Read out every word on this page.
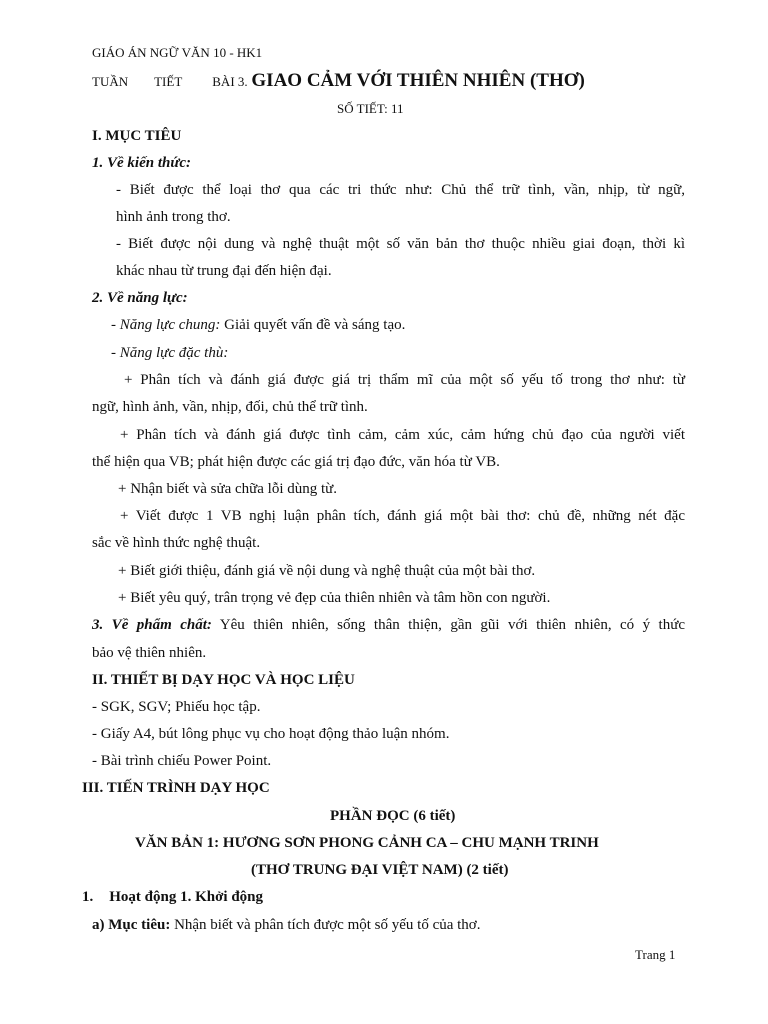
GIÁO ÁN NGỮ VĂN 10 - HK1
TUẦN TIẾT BÀI 3. GIAO CẢM VỚI THIÊN NHIÊN (THƠ)
SỐ TIẾT: 11
I. MỤC TIÊU
1. Về kiến thức:
- Biết được thể loại thơ qua các tri thức như: Chủ thể trữ tình, vần, nhịp, từ ngữ,
hình ảnh trong thơ.
- Biết được nội dung và nghệ thuật một số văn bản thơ thuộc nhiều giai đoạn, thời kì
khác nhau từ trung đại đến hiện đại.
2. Về năng lực:
- Năng lực chung: Giải quyết vấn đề và sáng tạo.
- Năng lực đặc thù:
+ Phân tích và đánh giá được giá trị thẩm mĩ của một số yếu tố trong thơ như: từ
ngữ, hình ảnh, vần, nhịp, đối, chủ thể trữ tình.
+ Phân tích và đánh giá được tình cảm, cảm xúc, cảm hứng chủ đạo của người viết
thể hiện qua VB; phát hiện được các giá trị đạo đức, văn hóa từ VB.
+ Nhận biết và sửa chữa lỗi dùng từ.
+ Viết được 1 VB nghị luận phân tích, đánh giá một bài thơ: chủ đề, những nét đặc
sắc về hình thức nghệ thuật.
+ Biết giới thiệu, đánh giá về nội dung và nghệ thuật của một bài thơ.
+ Biết yêu quý, trân trọng vẻ đẹp của thiên nhiên và tâm hồn con người.
3. Về phẩm chất: Yêu thiên nhiên, sống thân thiện, gần gũi với thiên nhiên, có ý thức
bảo vệ thiên nhiên.
II. THIẾT BỊ DẠY HỌC VÀ HỌC LIỆU
- SGK, SGV; Phiếu học tập.
- Giấy A4, bút lông phục vụ cho hoạt động thảo luận nhóm.
- Bài trình chiếu Power Point.
III. TIẾN TRÌNH DẠY HỌC
PHẦN ĐỌC (6 tiết)
VĂN BẢN 1: HƯƠNG SƠN PHONG CẢNH CA – CHU MẠNH TRINH
(THƠ TRUNG ĐẠI VIỆT NAM) (2 tiết)
1. Hoạt động 1. Khởi động
a) Mục tiêu: Nhận biết và phân tích được một số yếu tố của thơ.
Trang 1
